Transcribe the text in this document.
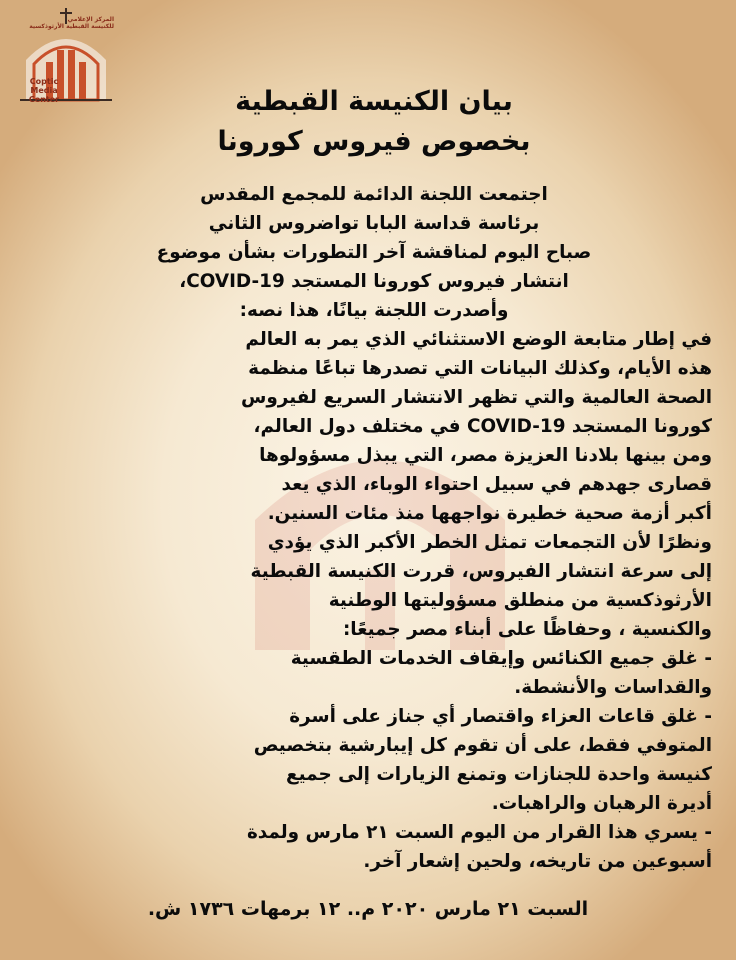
المركز الإعلامي
للكنيسة القبطية الأرثوذكسية
Coptic
Media
Center	بيان الكنيسة القبطية
بخصوص فيروس كورونا
اجتمعت اللجنة الدائمة للمجمع المقدس
برئاسة قداسة البابا تواضروس الثاني
صباح اليوم لمناقشة آخر التطورات بشأن موضوع
انتشار فيروس كورونا المستجد COVID-19،
وأصدرت اللجنة بيانًا، هذا نصه:
في إطار متابعة الوضع الاستثنائي الذي يمر به العالم
هذه الأيام، وكذلك البيانات التي تصدرها تباعًا منظمة
الصحة العالمية والتي تظهر الانتشار السريع لفيروس
كورونا المستجد COVID-19 في مختلف دول العالم،
ومن بينها بلادنا العزيزة مصر، التي يبذل مسؤولوها
قصارى جهدهم في سبيل احتواء الوباء، الذي يعد
أكبر أزمة صحية خطيرة نواجهها منذ مئات السنين.
ونظرًا لأن التجمعات تمثل الخطر الأكبر الذي يؤدي
إلى سرعة انتشار الفيروس، قررت الكنيسة القبطية
الأرثوذكسية من منطلق مسؤوليتها الوطنية
والكنسية ، وحفاظًا على أبناء مصر جميعًا:
- غلق جميع الكنائس وإيقاف الخدمات الطقسية
والقداسات والأنشطة.
- غلق قاعات العزاء واقتصار أي جناز على أسرة
المتوفي فقط، على أن تقوم كل إيبارشية بتخصيص
كنيسة واحدة للجنازات وتمنع الزيارات إلى جميع
أديرة الرهبان والراهبات.
- يسري هذا القرار من اليوم السبت ٢١ مارس ولمدة
أسبوعين من تاريخه، ولحين إشعار آخر.
السبت ٢١ مارس ٢٠٢٠ م.. ١٢ برمهات ١٧٣٦ ش.
